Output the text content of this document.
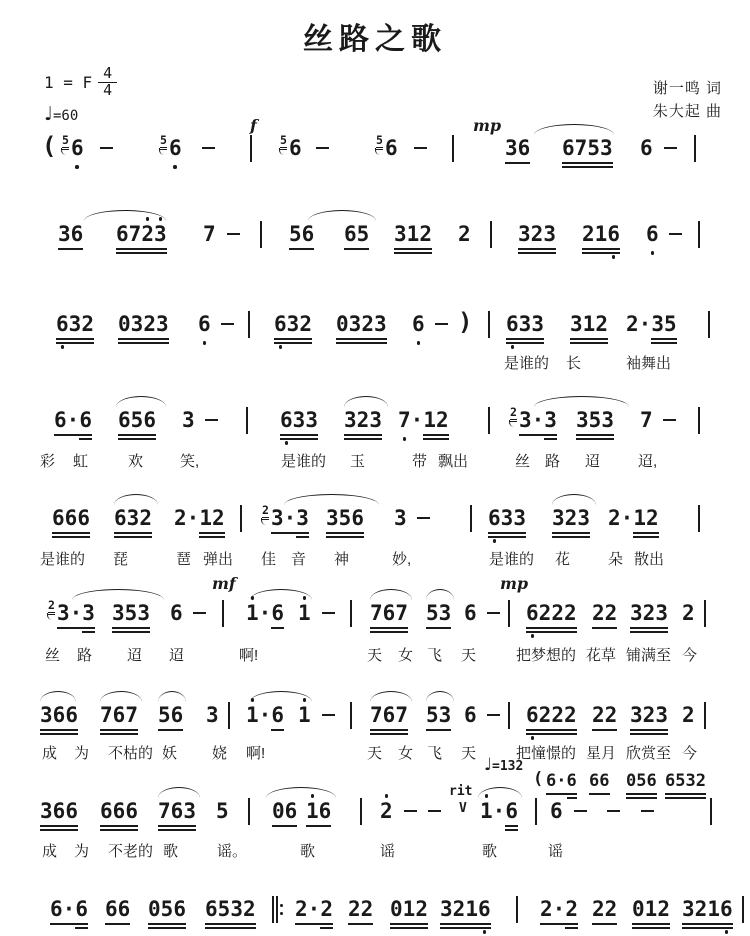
丝路之歌
1 = F $\frac{4}{4}$
♩=60
谢一鸣 词
朱大起 曲
( 5
6	5
6	5
6	5
6	36 6753 6
f	mp
36 6723 7	56 65 312 2 323 216 6
632 0323 6	632 0323 6 ) 633 312 2·35
是谁的 长	袖舞出
6·6 656 3	633 323 7·12	2
3·3 353 7
彩 虹	欢 笑,	是谁的 玉	带 飘出	丝 路 迢	迢,
666 632 2·12	2
3·3 356 3	633 323 2·12
是谁的 琵	琶 弹出 佳 音 神	妙,	是谁的 花	朵 散出
2
3·3 353 6	1·6 1	767 53 6 6222 22 323 2
丝 路 迢 迢	啊!	天 女 飞 天	把梦想的 花草 铺满至 今
mf	mp
366 767 56 3 1·6 1	767 53 6 6222 22 323 2
成 为 不枯的 妖 娆 啊!	天 女 飞 天	把憧憬的 星月 欣赏至 今
366 666 763 5 06 16 2	V 1·6 6
成 为 不老的 歌	谣。	歌	谣	歌	谣
rit
♩=132
( 6·6 66 056 6532
6·6 66 056 6532 2·2 22 012 3216 2·2 22 012 3216
